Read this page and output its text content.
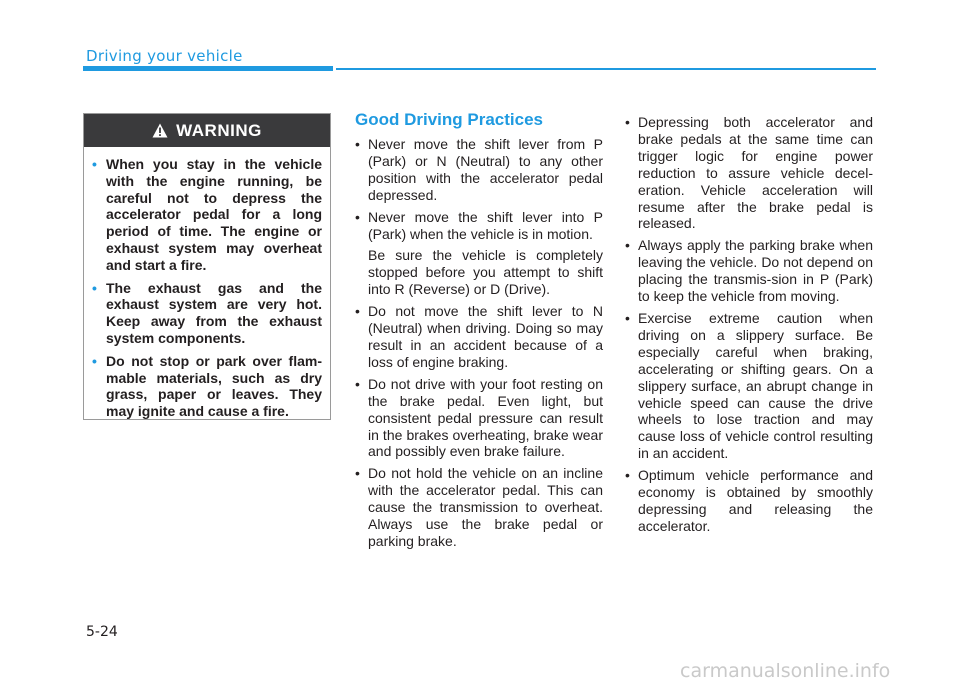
Driving your vehicle
WARNING
• When you stay in the vehicle with the engine running, be careful not to depress the accelerator pedal for a long period of time. The engine or exhaust system may overheat and start a fire.
• The exhaust gas and the exhaust system are very hot. Keep away from the exhaust system components.
• Do not stop or park over flam-mable materials, such as dry grass, paper or leaves. They may ignite and cause a fire.
Good Driving Practices
• Never move the shift lever from P (Park) or N (Neutral) to any other position with the accelerator pedal depressed.
• Never move the shift lever into P (Park) when the vehicle is in motion.
Be sure the vehicle is completely stopped before you attempt to shift into R (Reverse) or D (Drive).
• Do not move the shift lever to N (Neutral) when driving. Doing so may result in an accident because of a loss of engine braking.
• Do not drive with your foot resting on the brake pedal. Even light, but consistent pedal pressure can result in the brakes overheating, brake wear and possibly even brake failure.
• Do not hold the vehicle on an incline with the accelerator pedal. This can cause the transmission to overheat. Always use the brake pedal or parking brake.
• Depressing both accelerator and brake pedals at the same time can trigger logic for engine power reduction to assure vehicle decel-eration. Vehicle acceleration will resume after the brake pedal is released.
• Always apply the parking brake when leaving the vehicle. Do not depend on placing the transmis-sion in P (Park) to keep the vehicle from moving.
• Exercise extreme caution when driving on a slippery surface. Be especially careful when braking, accelerating or shifting gears. On a slippery surface, an abrupt change in vehicle speed can cause the drive wheels to lose traction and may cause loss of vehicle control resulting in an accident.
• Optimum vehicle performance and economy is obtained by smoothly depressing and releasing the accelerator.
5-24
carmanualsonline.info
